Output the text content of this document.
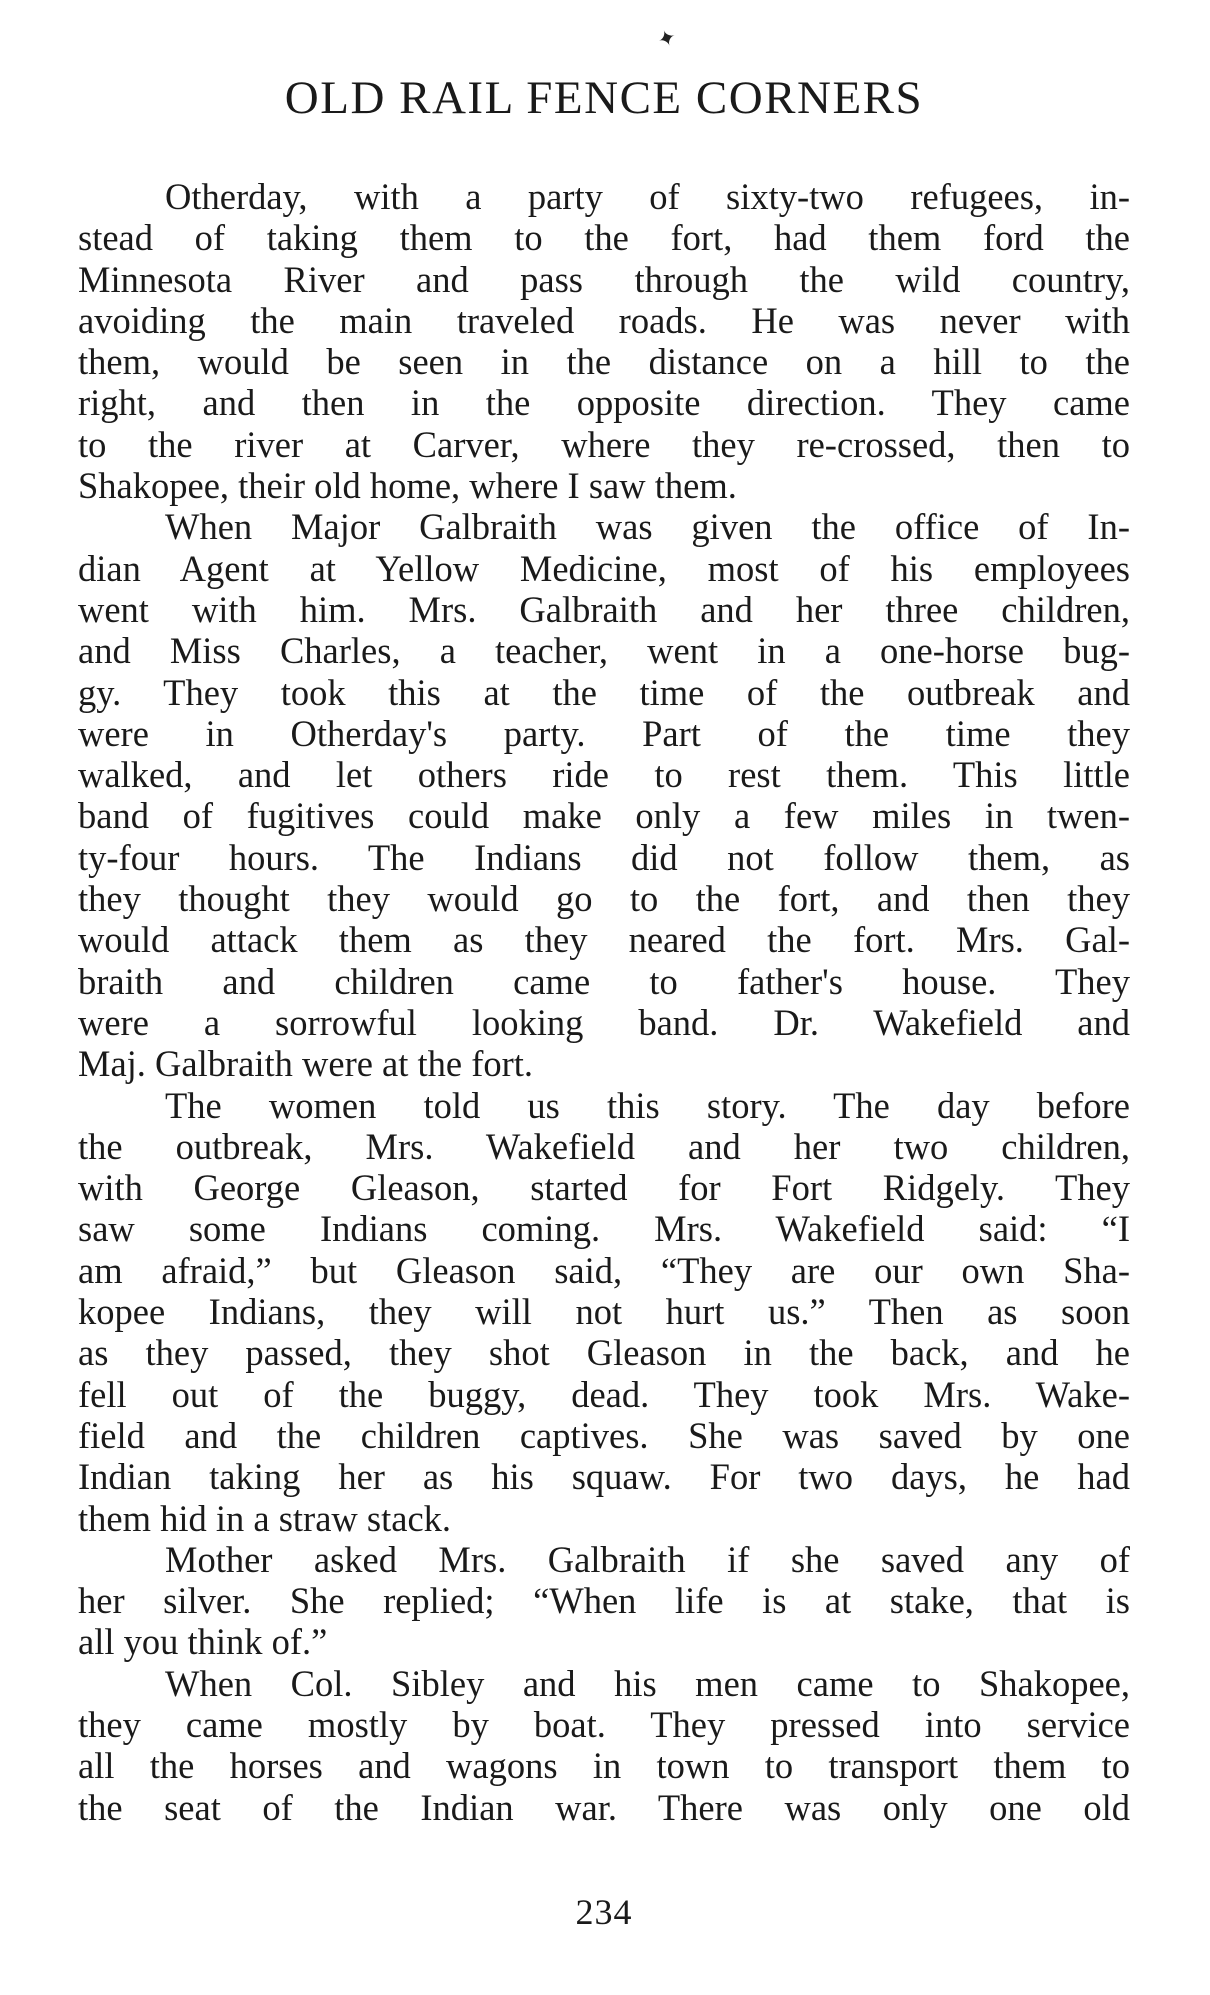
✦
OLD RAIL FENCE CORNERS
Otherday, with a party of sixty-two refugees, in-
stead of taking them to the fort, had them ford the
Minnesota River and pass through the wild country,
avoiding the main traveled roads. He was never with
them, would be seen in the distance on a hill to the
right, and then in the opposite direction. They came
to the river at Carver, where they re-crossed, then to
Shakopee, their old home, where I saw them.
When Major Galbraith was given the office of In-
dian Agent at Yellow Medicine, most of his employees
went with him. Mrs. Galbraith and her three children,
and Miss Charles, a teacher, went in a one-horse bug-
gy. They took this at the time of the outbreak and
were in Otherday's party. Part of the time they
walked, and let others ride to rest them. This little
band of fugitives could make only a few miles in twen-
ty-four hours. The Indians did not follow them, as
they thought they would go to the fort, and then they
would attack them as they neared the fort. Mrs. Gal-
braith and children came to father's house. They
were a sorrowful looking band. Dr. Wakefield and
Maj. Galbraith were at the fort.
The women told us this story. The day before
the outbreak, Mrs. Wakefield and her two children,
with George Gleason, started for Fort Ridgely. They
saw some Indians coming. Mrs. Wakefield said: “I
am afraid,” but Gleason said, “They are our own Sha-
kopee Indians, they will not hurt us.” Then as soon
as they passed, they shot Gleason in the back, and he
fell out of the buggy, dead. They took Mrs. Wake-
field and the children captives. She was saved by one
Indian taking her as his squaw. For two days, he had
them hid in a straw stack.
Mother asked Mrs. Galbraith if she saved any of
her silver. She replied; “When life is at stake, that is
all you think of.”
When Col. Sibley and his men came to Shakopee,
they came mostly by boat. They pressed into service
all the horses and wagons in town to transport them to
the seat of the Indian war. There was only one old
234
